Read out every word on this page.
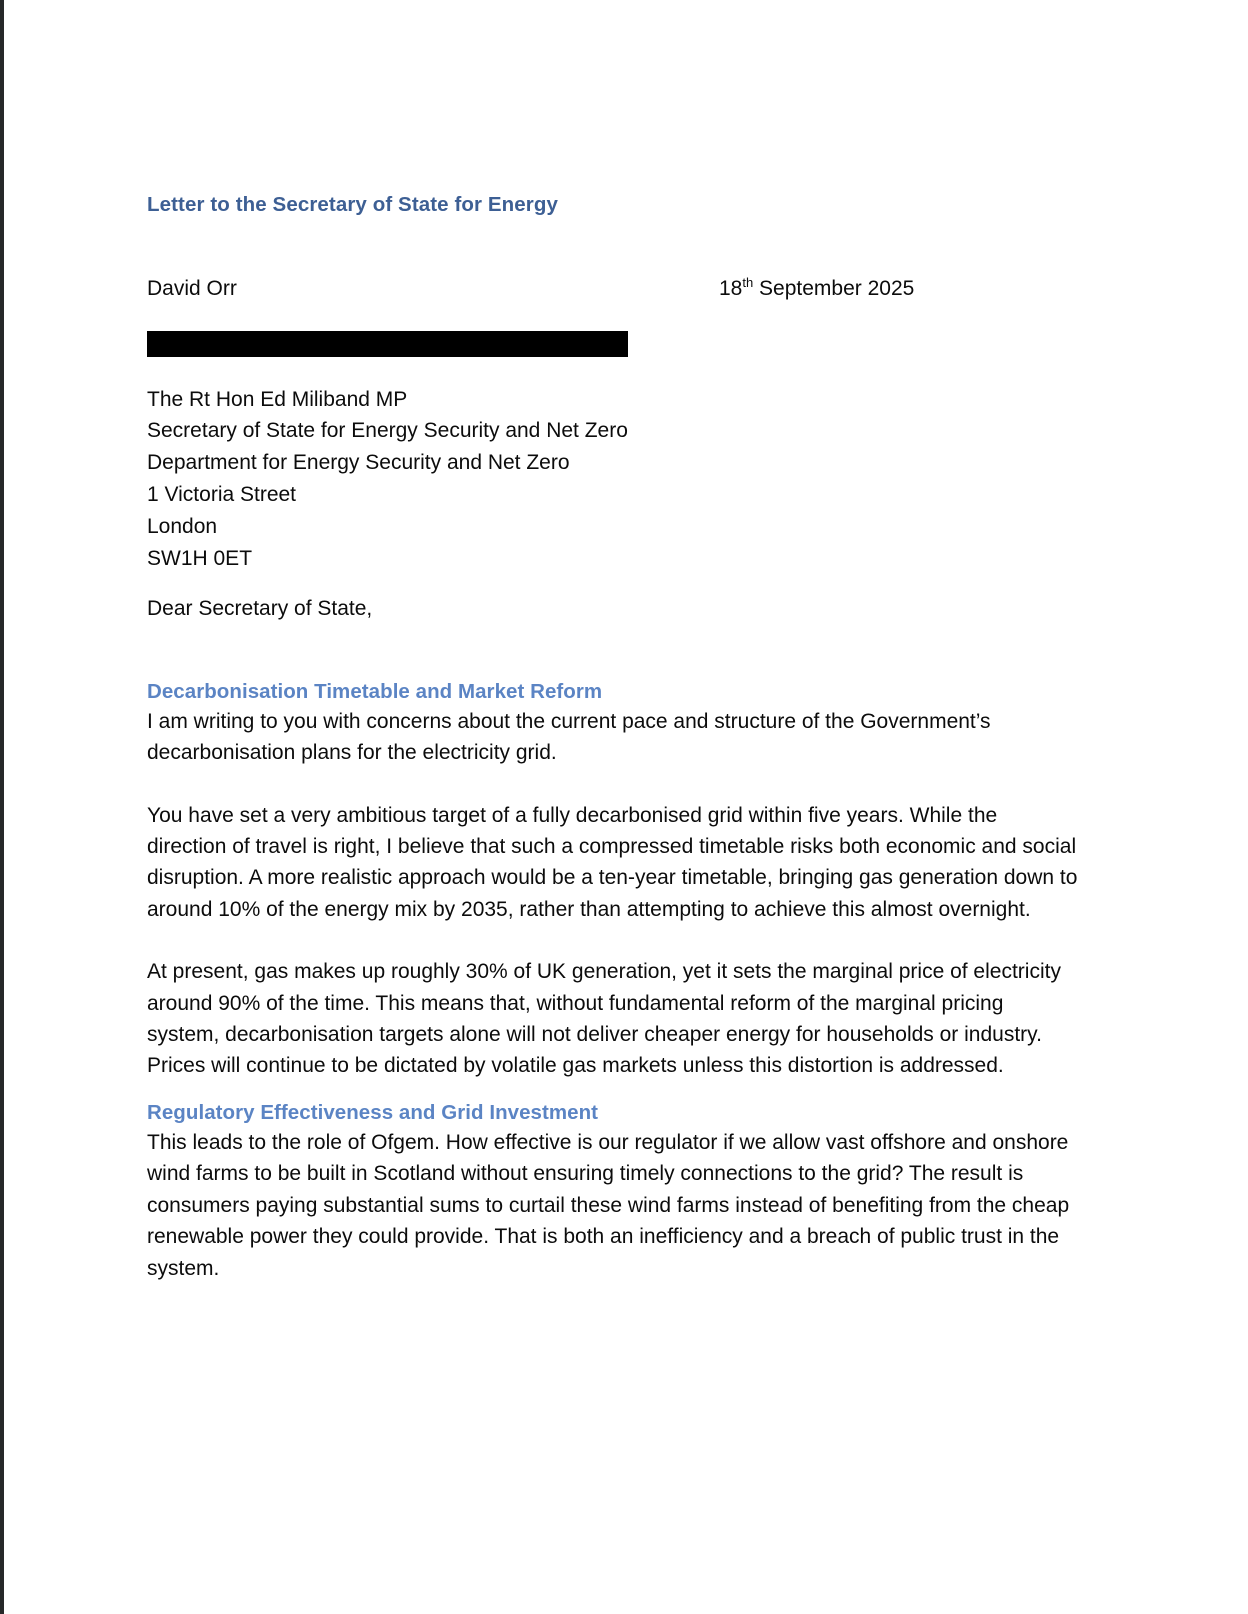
Letter to the Secretary of State for Energy
David Orr	18th September 2025
The Rt Hon Ed Miliband MP
Secretary of State for Energy Security and Net Zero
Department for Energy Security and Net Zero
1 Victoria Street
London
SW1H 0ET
Dear Secretary of State,
Decarbonisation Timetable and Market Reform

I am writing to you with concerns about the current pace and structure of the Government’s decarbonisation plans for the electricity grid.

You have set a very ambitious target of a fully decarbonised grid within five years. While the direction of travel is right, I believe that such a compressed timetable risks both economic and social disruption. A more realistic approach would be a ten-year timetable, bringing gas generation down to around 10% of the energy mix by 2035, rather than attempting to achieve this almost overnight.

At present, gas makes up roughly 30% of UK generation, yet it sets the marginal price of electricity around 90% of the time. This means that, without fundamental reform of the marginal pricing system, decarbonisation targets alone will not deliver cheaper energy for households or industry. Prices will continue to be dictated by volatile gas markets unless this distortion is addressed.

Regulatory Effectiveness and Grid Investment

This leads to the role of Ofgem. How effective is our regulator if we allow vast offshore and onshore wind farms to be built in Scotland without ensuring timely connections to the grid? The result is consumers paying substantial sums to curtail these wind farms instead of benefiting from the cheap renewable power they could provide. That is both an inefficiency and a breach of public trust in the system.
